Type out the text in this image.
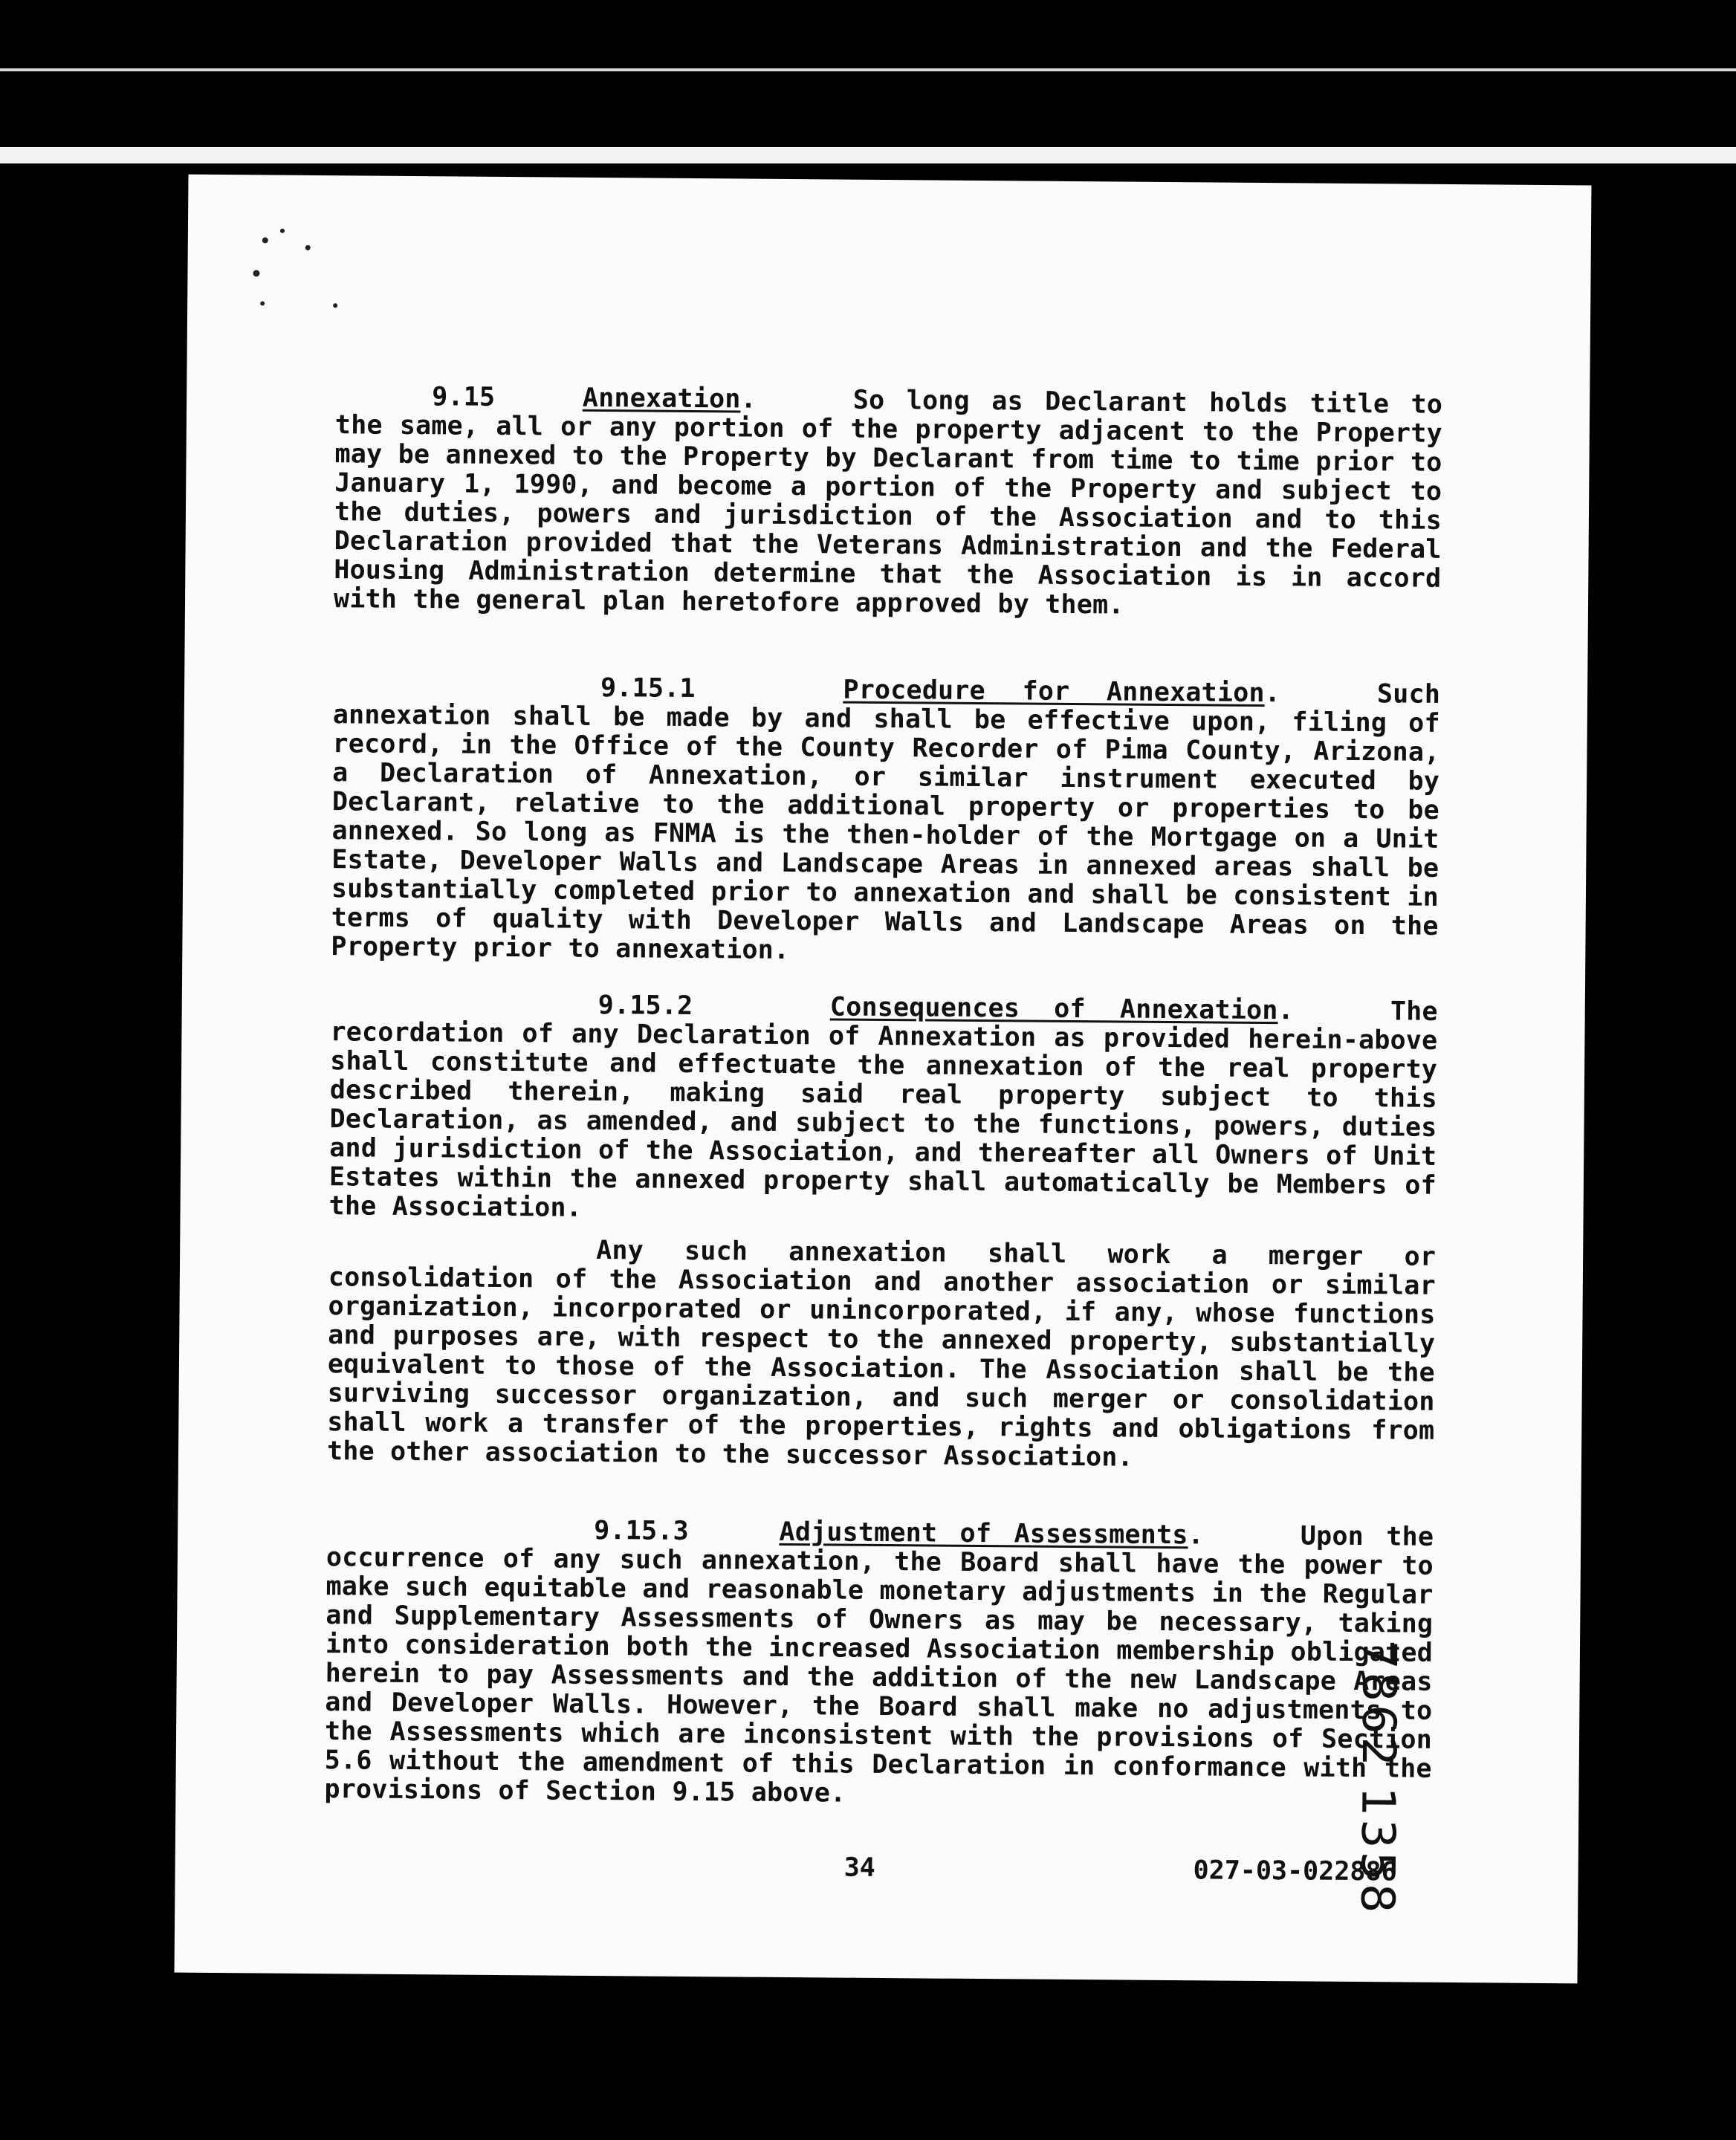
9.15	Annexation.	So long as Declarant holds title to the same, all or any portion of the property adjacent to the Property may be annexed to the Property by Declarant from time to time prior to January 1, 1990, and become a portion of the Property and subject to the duties, powers and jurisdiction of the Association and to this Declaration provided that the Veterans Administration and the Federal Housing Administration determine that the Association is in accord with the general plan heretofore approved by them.

9.15.1	Procedure for Annexation.	Such annexation shall be made by and shall be effective upon, filing of record, in the Office of the County Recorder of Pima County, Arizona, a Declaration of Annexation, or similar instrument executed by Declarant, relative to the additional property or properties to be annexed. So long as FNMA is the then-holder of the Mortgage on a Unit Estate, Developer Walls and Landscape Areas in annexed areas shall be substantially completed prior to annexation and shall be consistent in terms of quality with Developer Walls and Landscape Areas on the Property prior to annexation.

9.15.2	Consequences of Annexation.	The recordation of any Declaration of Annexation as provided herein-above shall constitute and effectuate the annexation of the real property described therein, making said real property subject to this Declaration, as amended, and subject to the functions, powers, duties and jurisdiction of the Association, and thereafter all Owners of Unit Estates within the annexed property shall automatically be Members of the Association.

Any such annexation shall work a merger or consolidation of the Association and another association or similar organization, incorporated or unincorporated, if any, whose functions and purposes are, with respect to the annexed property, substantially equivalent to those of the Association. The Association shall be the surviving successor organization, and such merger or consolidation shall work a transfer of the properties, rights and obligations from the other association to the successor Association.

9.15.3	Adjustment of Assessments.	Upon the occurrence of any such annexation, the Board shall have the power to make such equitable and reasonable monetary adjustments in the Regular and Supplementary Assessments of Owners as may be necessary, taking into consideration both the increased Association membership obligated herein to pay Assessments and the addition of the new Landscape Areas and Developer Walls. However, the Board shall make no adjustments to the Assessments which are inconsistent with the provisions of Section 5.6 without the amendment of this Declaration in conformance with the provisions of Section 9.15 above.

34	027-03-022886
7862 1358
